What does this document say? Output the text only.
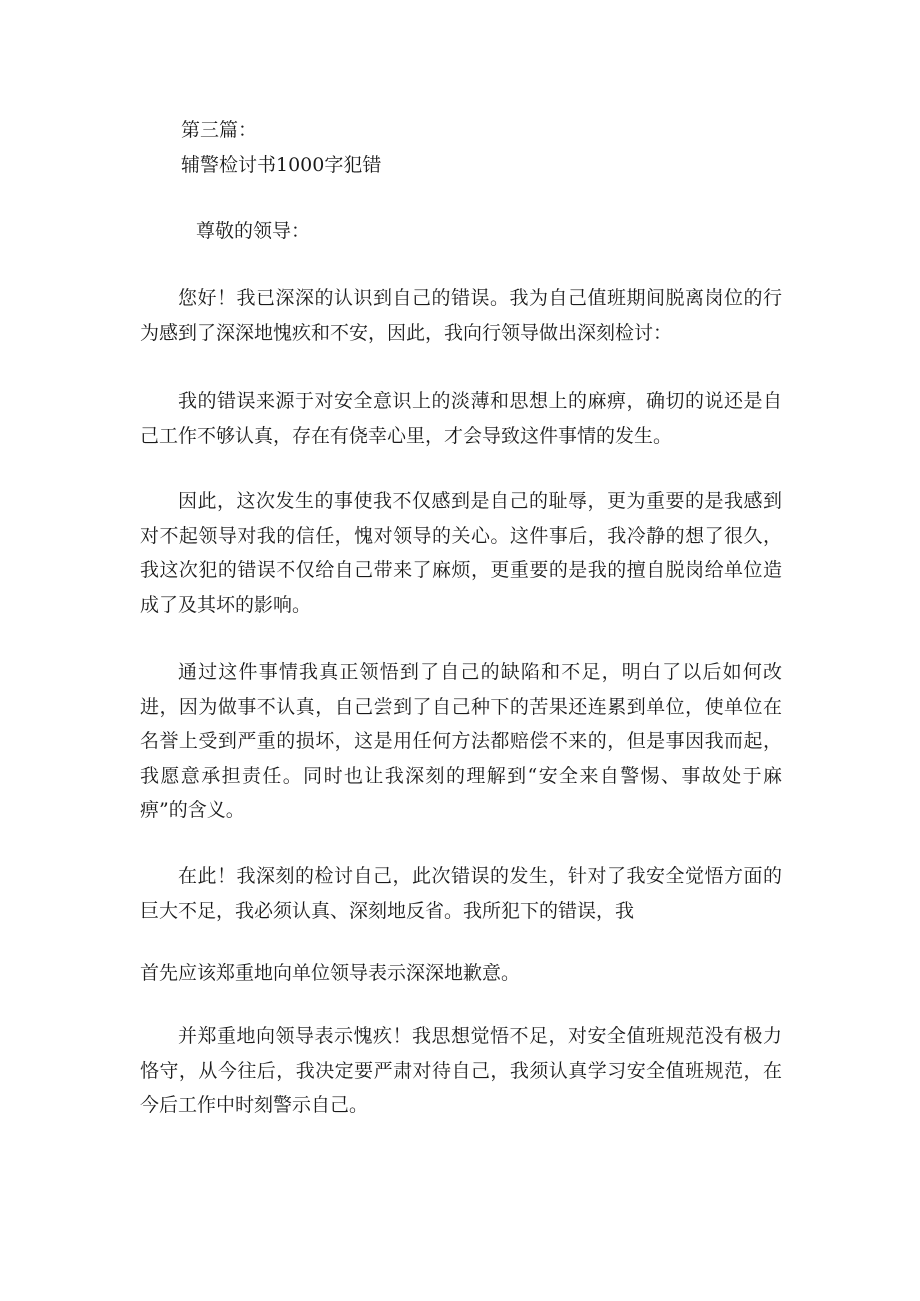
第三篇：
辅警检讨书1000字犯错
尊敬的领导：

您好！我已深深的认识到自己的错误。我为自己值班期间脱离岗位的行为感到了深深地愧疚和不安，因此，我向行领导做出深刻检讨：

我的错误来源于对安全意识上的淡薄和思想上的麻痹，确切的说还是自己工作不够认真，存在有侥幸心里，才会导致这件事情的发生。

因此，这次发生的事使我不仅感到是自己的耻辱，更为重要的是我感到对不起领导对我的信任，愧对领导的关心。这件事后，我冷静的想了很久，我这次犯的错误不仅给自己带来了麻烦，更重要的是我的擅自脱岗给单位造成了及其坏的影响。

通过这件事情我真正领悟到了自己的缺陷和不足，明白了以后如何改进，因为做事不认真，自己尝到了自己种下的苦果还连累到单位，使单位在名誉上受到严重的损坏，这是用任何方法都赔偿不来的，但是事因我而起，我愿意承担责任。同时也让我深刻的理解到“安全来自警惕、事故处于麻痹”的含义。

在此！我深刻的检讨自己，此次错误的发生，针对了我安全觉悟方面的巨大不足，我必须认真、深刻地反省。我所犯下的错误，我

首先应该郑重地向单位领导表示深深地歉意。

并郑重地向领导表示愧疚！我思想觉悟不足，对安全值班规范没有极力恪守，从今往后，我决定要严肃对待自己，我须认真学习安全值班规范，在今后工作中时刻警示自己。
